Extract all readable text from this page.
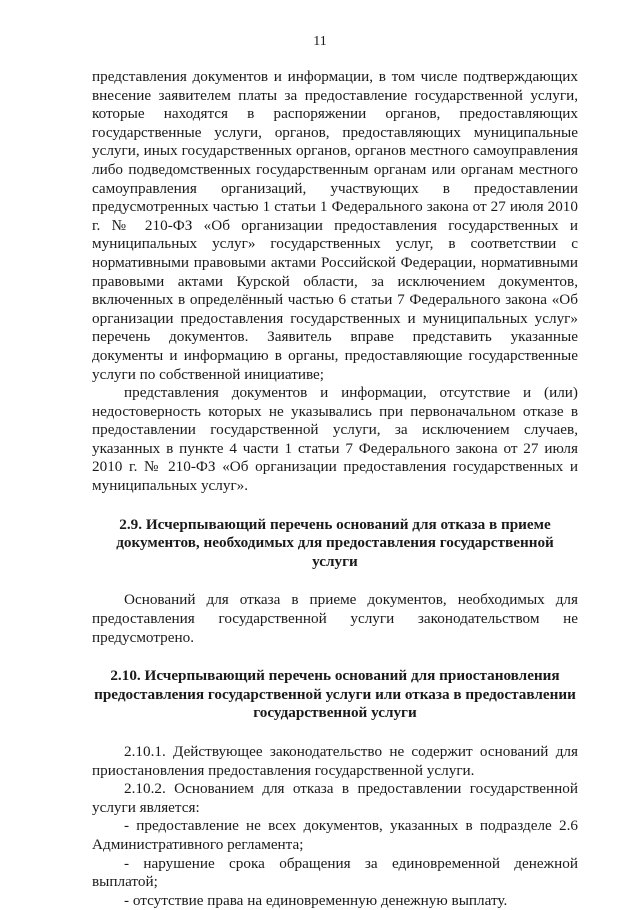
11

представления документов и информации, в том числе подтверждающих внесение заявителем платы за предоставление государственной услуги, которые находятся в распоряжении органов, предоставляющих государственные услуги, органов, предоставляющих муниципальные услуги, иных государственных органов, органов местного самоуправления либо подведомственных государственным органам или органам местного самоуправления организаций, участвующих в предоставлении предусмотренных частью 1 статьи 1 Федерального закона от 27 июля 2010 г. № 210-ФЗ «Об организации предоставления государственных и муниципальных услуг» государственных услуг, в соответствии с нормативными правовыми актами Российской Федерации, нормативными правовыми актами Курской области, за исключением документов, включенных в определённый частью 6 статьи 7 Федерального закона «Об организации предоставления государственных и муниципальных услуг» перечень документов. Заявитель вправе представить указанные документы и информацию в органы, предоставляющие государственные услуги по собственной инициативе;

представления документов и информации, отсутствие и (или) недостоверность которых не указывались при первоначальном отказе в предоставлении государственной услуги, за исключением случаев, указанных в пункте 4 части 1 статьи 7 Федерального закона от 27 июля 2010 г. № 210-ФЗ «Об организации предоставления государственных и муниципальных услуг».

2.9. Исчерпывающий перечень оснований для отказа в приеме документов, необходимых для предоставления государственной услуги

Оснований для отказа в приеме документов, необходимых для предоставления государственной услуги законодательством не предусмотрено.

2.10. Исчерпывающий перечень оснований для приостановления предоставления государственной услуги или отказа в предоставлении государственной услуги

2.10.1. Действующее законодательство не содержит оснований для приостановления предоставления государственной услуги.

2.10.2. Основанием для отказа в предоставлении государственной услуги является:

- предоставление не всех документов, указанных в подразделе 2.6 Административного регламента;

- нарушение срока обращения за единовременной денежной выплатой;

- отсутствие права на единовременную денежную выплату.
